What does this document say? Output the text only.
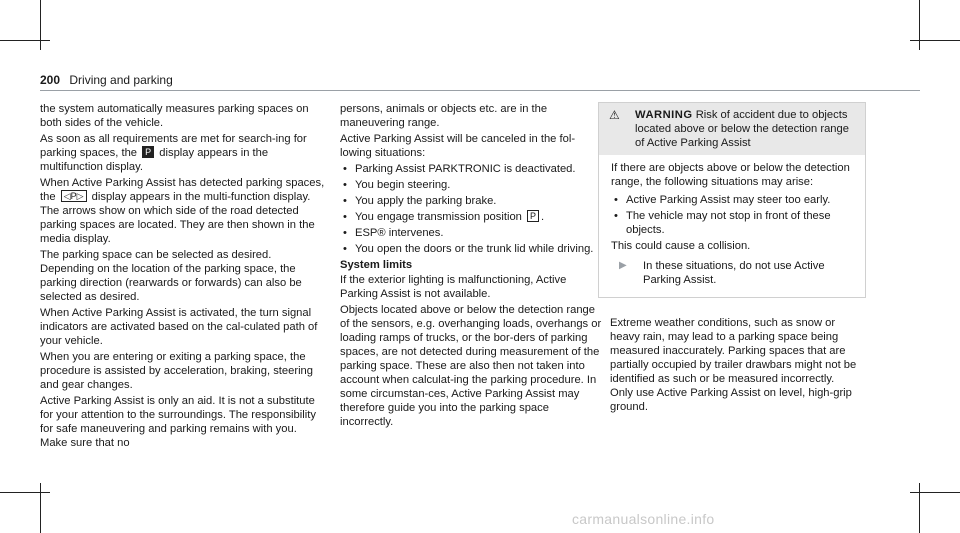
200 Driving and parking

the system automatically measures parking spaces on both sides of the vehicle.

As soon as all requirements are met for search-ing for parking spaces, the P display appears in the multifunction display.

When Active Parking Assist has detected parking spaces, the ◁P▷ display appears in the multi-function display. The arrows show on which side of the road detected parking spaces are located. They are then shown in the media display.

The parking space can be selected as desired. Depending on the location of the parking space, the parking direction (rearwards or forwards) can also be selected as desired.

When Active Parking Assist is activated, the turn signal indicators are activated based on the cal-culated path of your vehicle.

When you are entering or exiting a parking space, the procedure is assisted by acceleration, braking, steering and gear changes.

Active Parking Assist is only an aid. It is not a substitute for your attention to the surroundings. The responsibility for safe maneuvering and parking remains with you. Make sure that no

persons, animals or objects etc. are in the maneuvering range.

Active Parking Assist will be canceled in the fol-lowing situations:

• Parking Assist PARKTRONIC is deactivated.
• You begin steering.
• You apply the parking brake.
• You engage transmission position P .
• ESP® intervenes.
• You open the doors or the trunk lid while driving.
System limits

If the exterior lighting is malfunctioning, Active Parking Assist is not available.

Objects located above or below the detection range of the sensors, e.g. overhanging loads, overhangs or loading ramps of trucks, or the bor-ders of parking spaces, are not detected during measurement of the parking space. These are also then not taken into account when calculat-ing the parking procedure. In some circumstan-ces, Active Parking Assist may therefore guide you into the parking space incorrectly.

⚠	WARNING Risk of accident due to objects located above or below the detection range of Active Parking Assist

If there are objects above or below the detection range, the following situations may arise:

• Active Parking Assist may steer too early.
• The vehicle may not stop in front of these objects.

This could cause a collision.

▶	In these situations, do not use Active Parking Assist.

Extreme weather conditions, such as snow or heavy rain, may lead to a parking space being measured inaccurately. Parking spaces that are partially occupied by trailer drawbars might not be identified as such or be measured incorrectly. Only use Active Parking Assist on level, high-grip ground.

carmanualsonline.info
